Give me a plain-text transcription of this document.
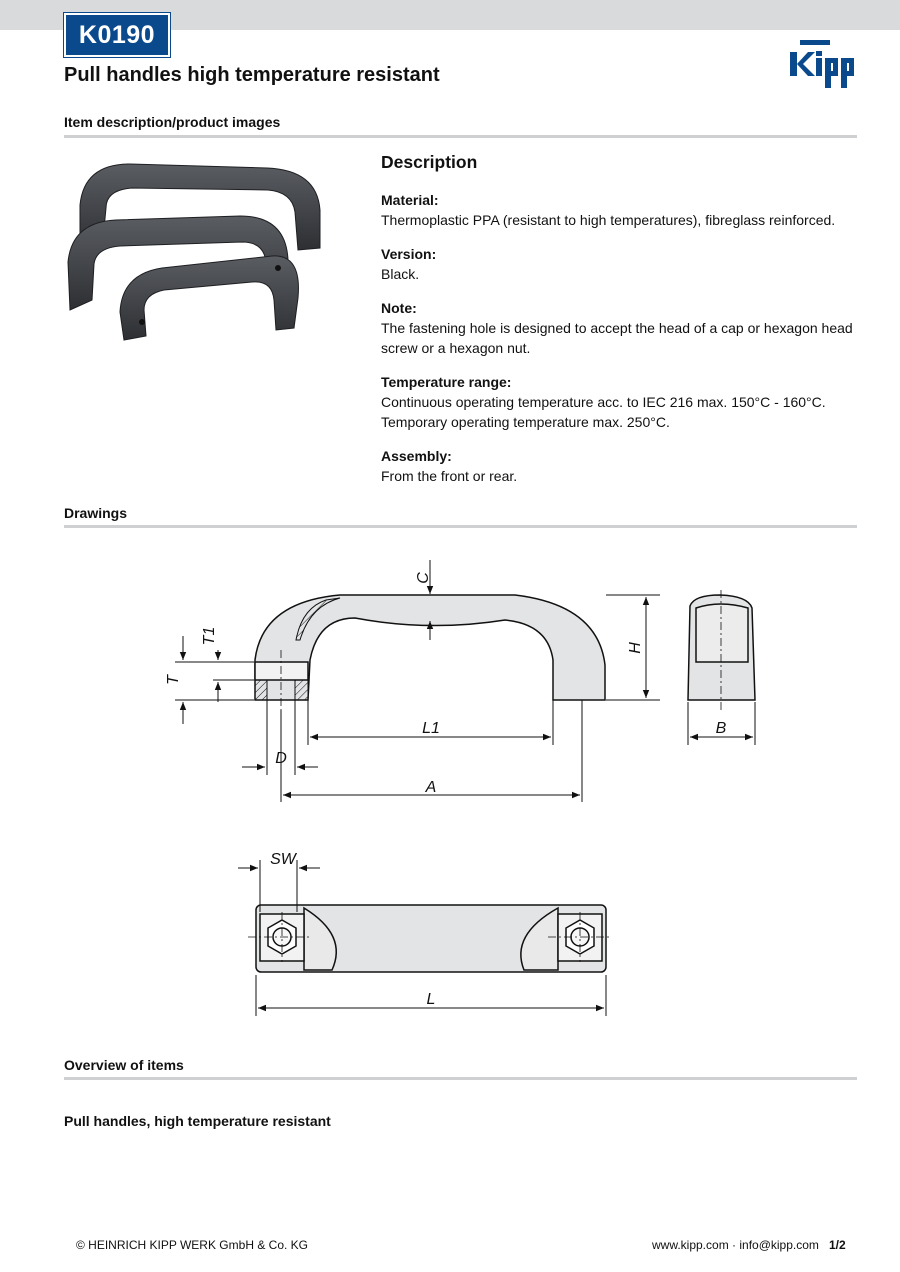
K0190
Pull handles high temperature resistant
Item description/product images
Description
Material:
Thermoplastic PPA (resistant to high temperatures), fibreglass reinforced.
Version:
Black.
Note:
The fastening hole is designed to accept the head of a cap or hexagon head screw or a hexagon nut.
Temperature range:
Continuous operating temperature acc. to IEC 216 max. 150°C - 160°C.
Temporary operating temperature max. 250°C.
Assembly:
From the front or rear.
Drawings
C
H
T
T1
L1
D
A
B
SW
L
Overview of items
Pull handles, high temperature resistant
© HEINRICH KIPP WERK GmbH & Co. KG	www.kipp.com · info@kipp.com 1/2
